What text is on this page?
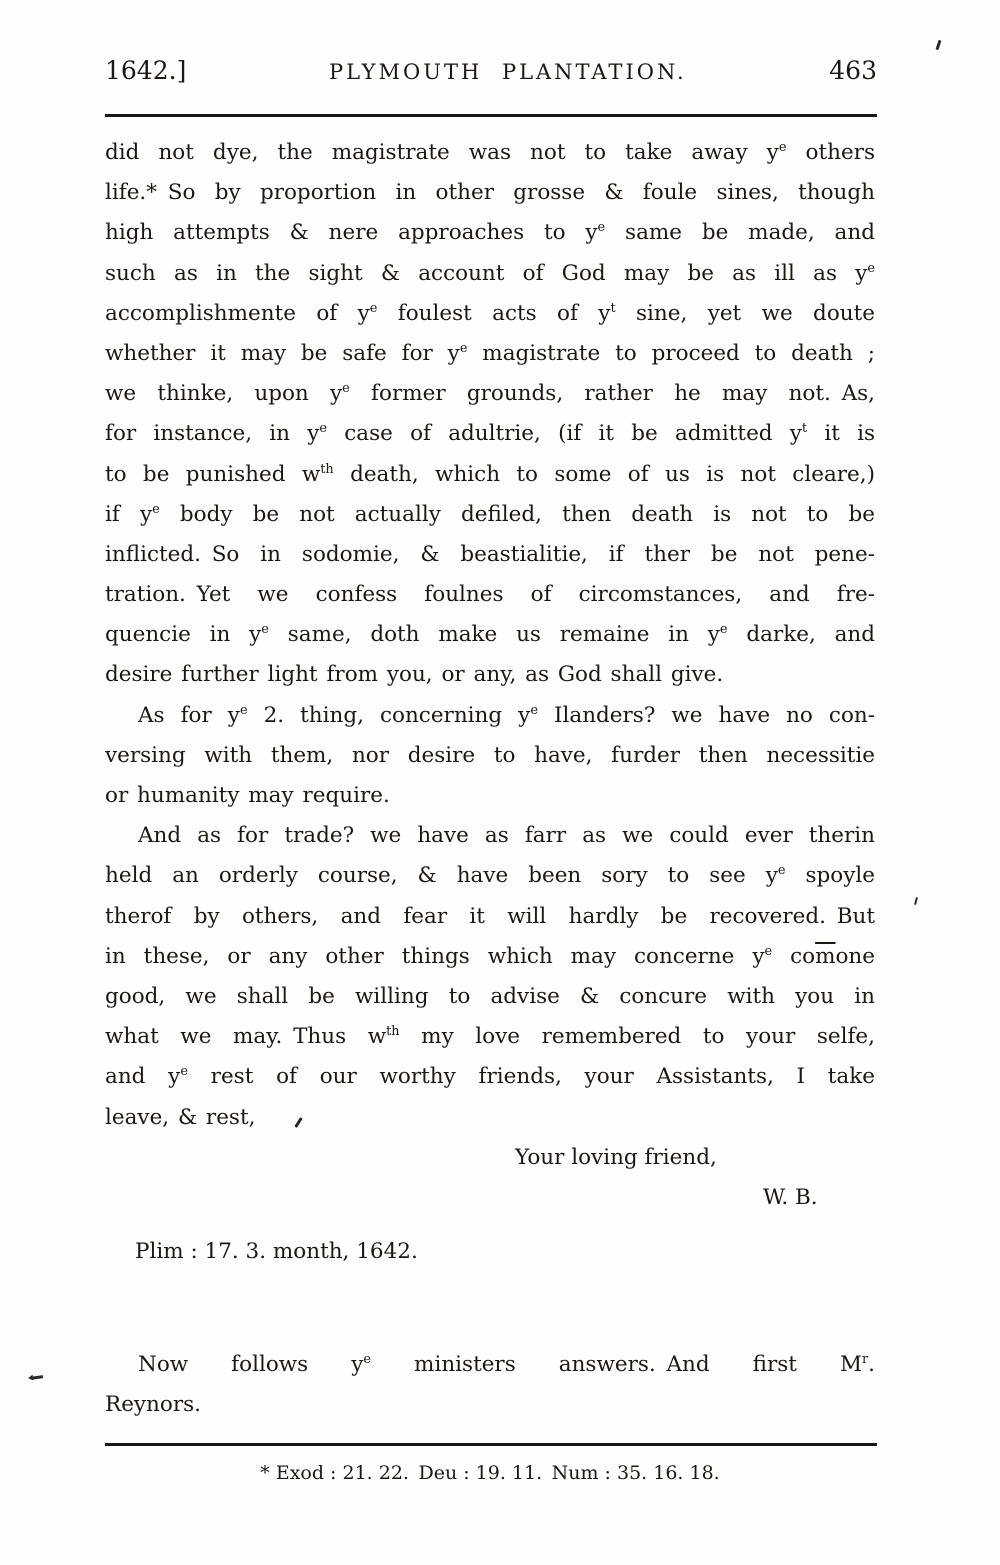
1642.]	PLYMOUTH PLANTATION.	463
did not dye, the magistrate was not to take away $y^e$ others
life.* So by proportion in other grosse & foule sines, though
high attempts & nere approaches to $y^e$ same be made, and
such as in the sight & account of God may be as ill as $y^e$
accomplishmente of $y^e$ foulest acts of $y^t$ sine, yet we doute
whether it may be safe for $y^e$ magistrate to proceed to death ;
we thinke, upon $y^e$ former grounds, rather he may not. As,
for instance, in $y^e$ case of adultrie, (if it be admitted $y^t$ it is
to be punished $w^{th}$ death, which to some of us is not cleare,)
if $y^e$ body be not actually defiled, then death is not to be
inflicted. So in sodomie, & beastialitie, if ther be not pene-
tration. Yet we confess foulnes of circomstances, and fre-
quencie in $y^e$ same, doth make us remaine in $y^e$ darke, and
desire further light from you, or any, as God shall give.
As for $y^e$ 2. thing, concerning $y^e$ Ilanders? we have no con-
versing with them, nor desire to have, furder then necessitie
or humanity may require.
And as for trade? we have as farr as we could ever therin
held an orderly course, & have been sory to see $y^e$ spoyle
therof by others, and fear it will hardly be recovered. But
in these, or any other things which may concerne $y^e$ $co\overline{m}one$
good, we shall be willing to advise & concure with you in
what we may. Thus $w^{th}$ my love remembered to your selfe,
and $y^e$ rest of our worthy friends, your Assistants, I take
leave, & rest,
Your loving friend,
W. B.
Plim : 17. 3. month, 1642.
Now follows $y^e$ ministers answers. And first $M^r$.
Reynors.
* Exod : 21. 22. Deu : 19. 11. Num : 35. 16. 18.
